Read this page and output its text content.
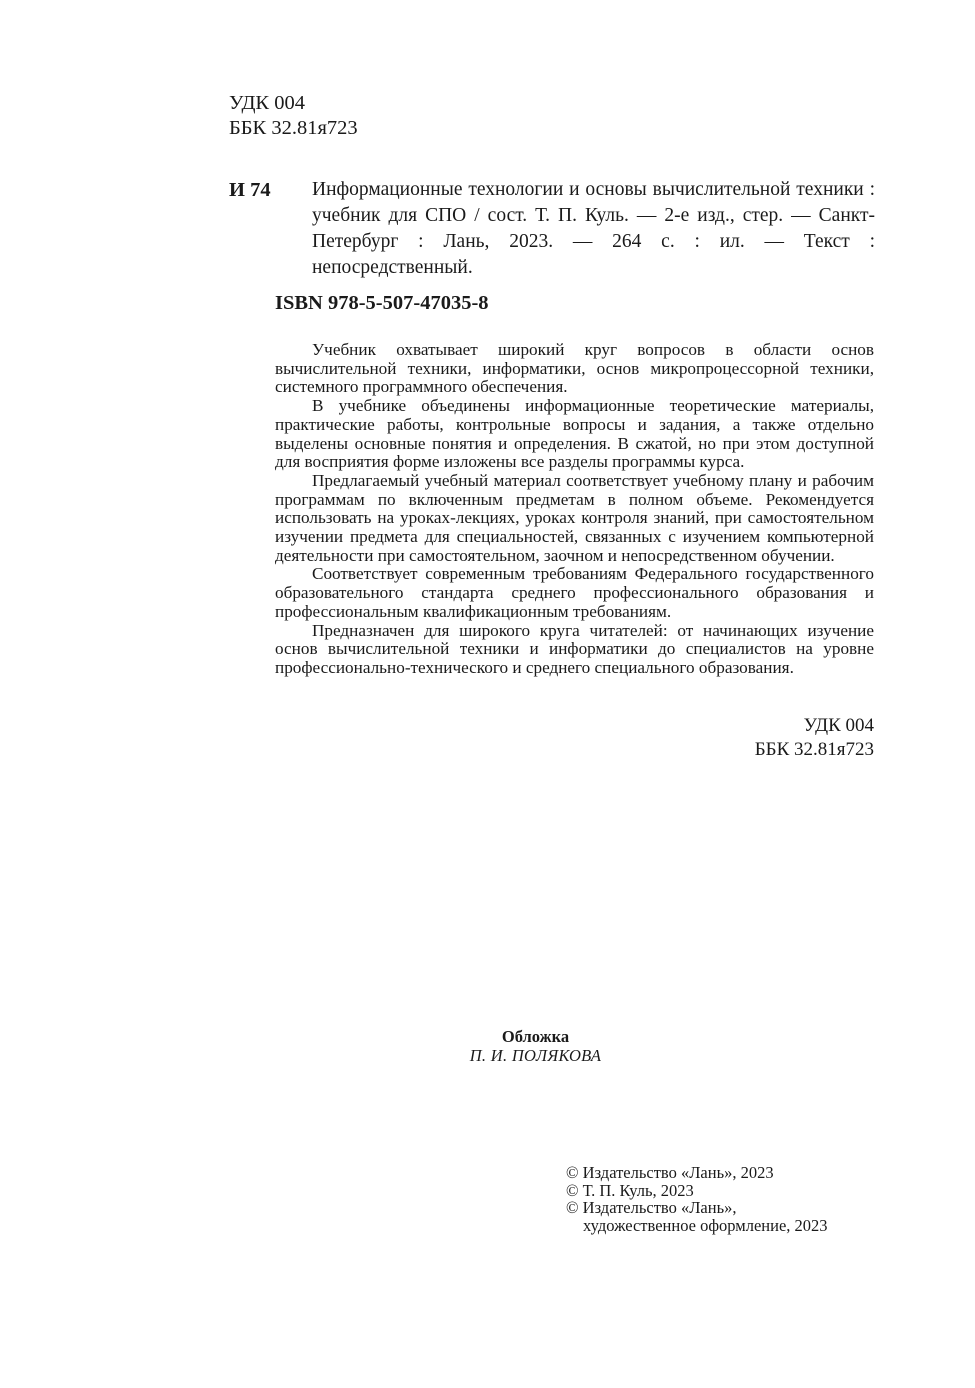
УДК 004
ББК 32.81я723
И 74 Информационные технологии и основы вычислительной техники : учебник для СПО / сост. Т. П. Куль. — 2-е изд., стер. — Санкт-Петербург : Лань, 2023. — 264 с. : ил. — Текст : непосредственный.
ISBN 978-5-507-47035-8

Учебник охватывает широкий круг вопросов в области основ вычислительной техники, информатики, основ микропроцессорной техники, системного программного обеспечения.

В учебнике объединены информационные теоретические материалы, практические работы, контрольные вопросы и задания, а также отдельно выделены основные понятия и определения. В сжатой, но при этом доступной для восприятия форме изложены все разделы программы курса.

Предлагаемый учебный материал соответствует учебному плану и рабочим программам по включенным предметам в полном объеме. Рекомендуется использовать на уроках-лекциях, уроках контроля знаний, при самостоятельном изучении предмета для специальностей, связанных с изучением компьютерной деятельности при самостоятельном, заочном и непосредственном обучении.

Соответствует современным требованиям Федерального государственного образовательного стандарта среднего профессионального образования и профессиональным квалификационным требованиям.

Предназначен для широкого круга читателей: от начинающих изучение основ вычислительной техники и информатики до специалистов на уровне профессионально-технического и среднего специального образования.

УДК 004
ББК 32.81я723
Обложка
П. И. ПОЛЯКОВА
© Издательство «Лань», 2023
© Т. П. Куль, 2023
© Издательство «Лань»,
художественное оформление, 2023
